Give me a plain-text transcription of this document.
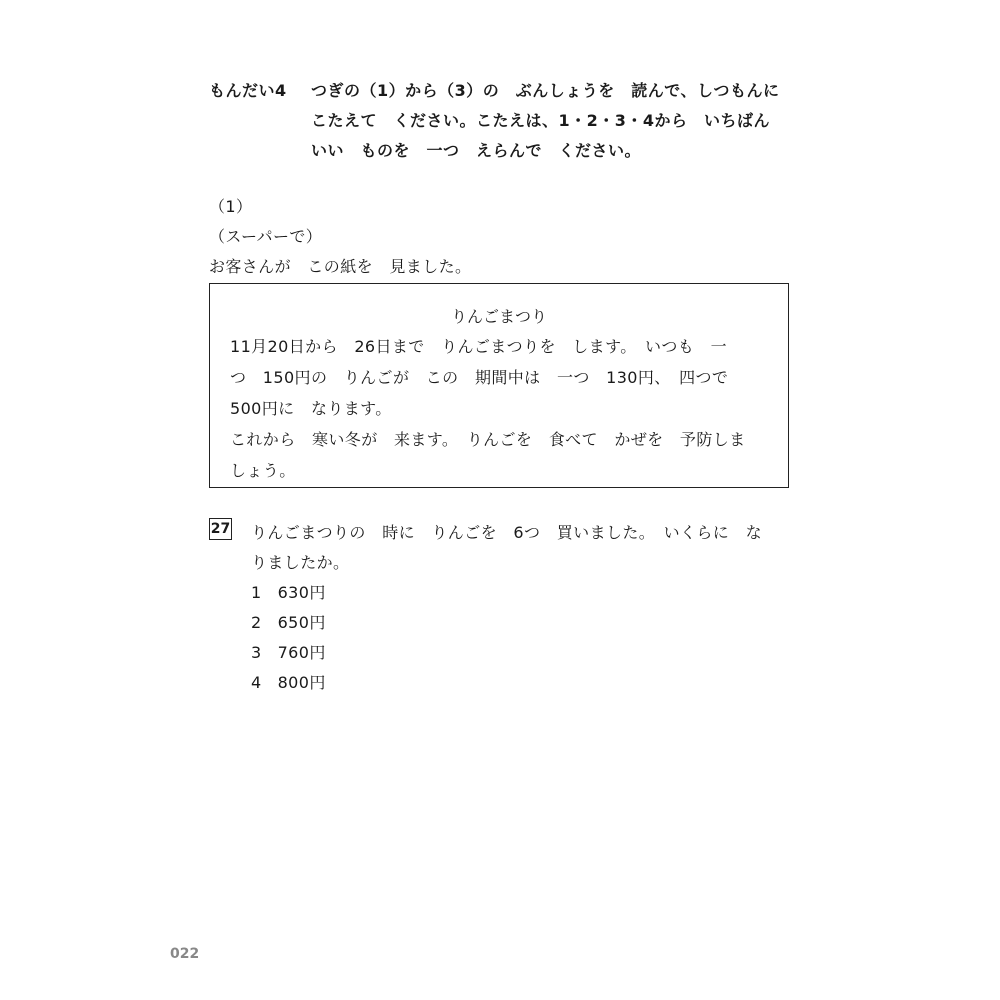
もんだい4 つぎの（1）から（3）の　ぶんしょうを　読んで、しつもんに
こたえて　ください。こたえは、1・2・3・4から　いちばん
いい　ものを　一つ　えらんで　ください。
（1）
（スーパーで）
お客さんが　この紙を　見ました。
りんごまつり
11月20日から　26日まで　りんごまつりを　します。　いつも　一
つ　150円の　りんごが　この　期間中は　一つ　130円、　四つで
500円に　なります。
これから　寒い冬が　来ます。　りんごを　食べて　かぜを　予防しま
しょう。
27 りんごまつりの　時に　りんごを　6つ　買いました。　いくらに　な
りましたか。
1 630円
2 650円
3 760円
4 800円
022
